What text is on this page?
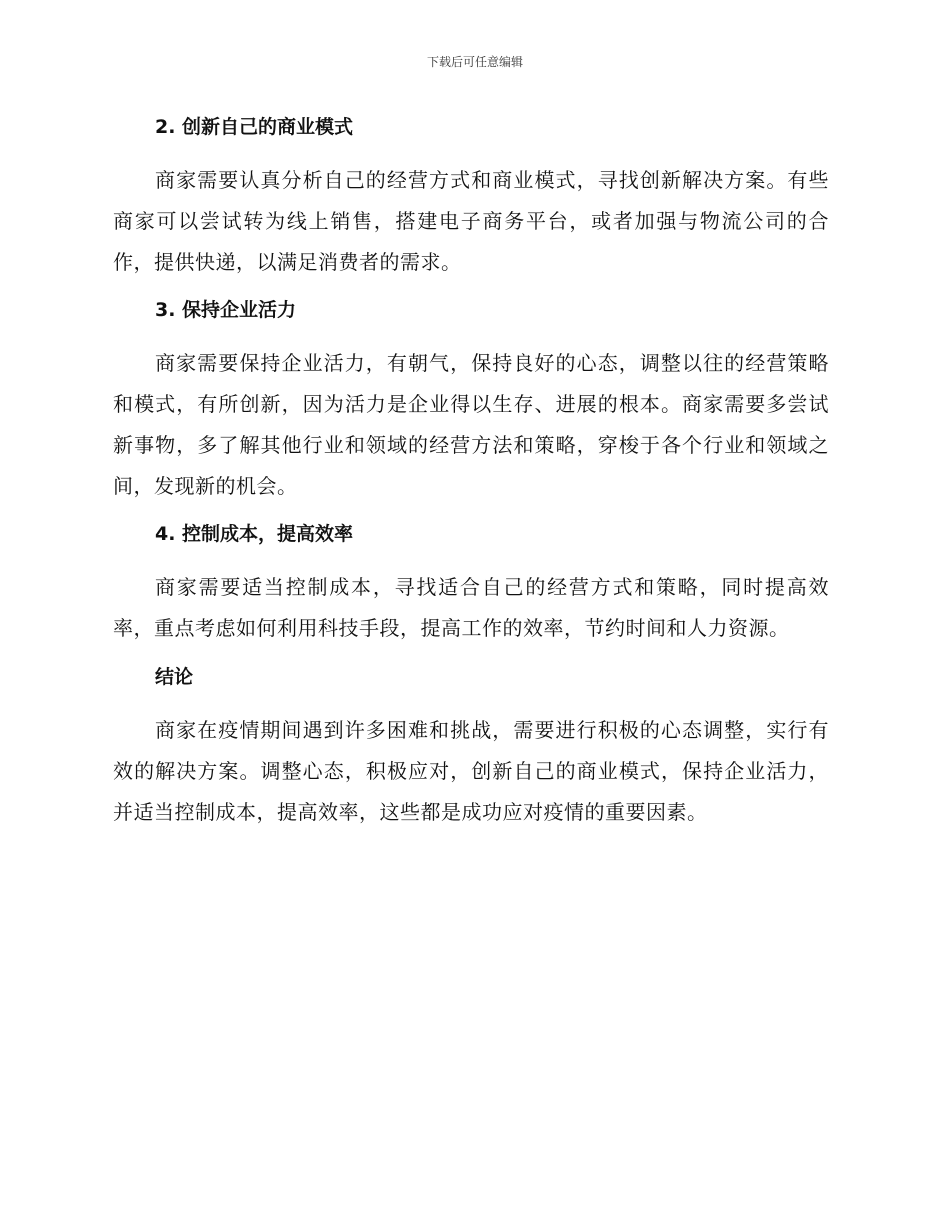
下载后可任意编辑
2. 创新自己的商业模式

商家需要认真分析自己的经营方式和商业模式，寻找创新解决方案。有些商家可以尝试转为线上销售，搭建电子商务平台，或者加强与物流公司的合作，提供快递，以满足消费者的需求。

3. 保持企业活力

商家需要保持企业活力，有朝气，保持良好的心态，调整以往的经营策略和模式，有所创新，因为活力是企业得以生存、进展的根本。商家需要多尝试新事物，多了解其他行业和领域的经营方法和策略，穿梭于各个行业和领域之间，发现新的机会。

4. 控制成本，提高效率

商家需要适当控制成本，寻找适合自己的经营方式和策略，同时提高效率，重点考虑如何利用科技手段，提高工作的效率，节约时间和人力资源。

结论

商家在疫情期间遇到许多困难和挑战，需要进行积极的心态调整，实行有效的解决方案。调整心态，积极应对，创新自己的商业模式，保持企业活力，并适当控制成本，提高效率，这些都是成功应对疫情的重要因素。
